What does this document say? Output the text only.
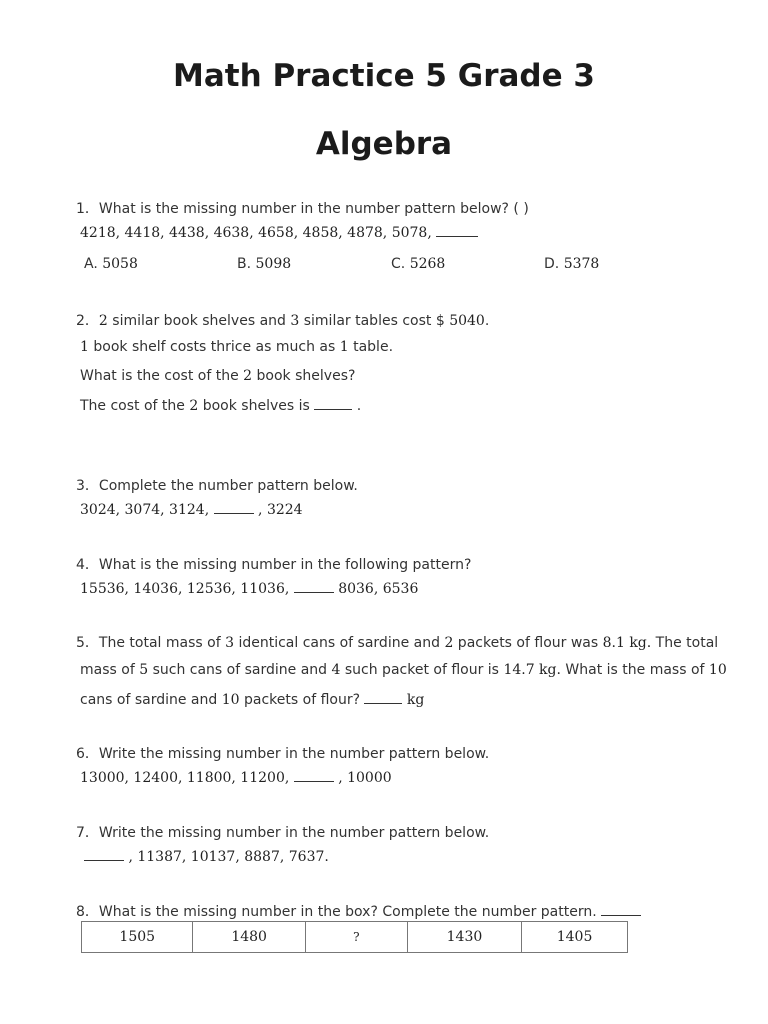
Math Practice 5 Grade 3
Algebra
1．What is the missing number in the number pattern below? ( )
4218, 4418, 4438, 4638, 4658, 4858, 4878, 5078,
A. 5058	B. 5098	C. 5268	D. 5378
2．2 similar book shelves and 3 similar tables cost $ 5040.
1 book shelf costs thrice as much as 1 table.
What is the cost of the 2 book shelves?
The cost of the 2 book shelves is	.
3．Complete the number pattern below.
3024, 3074, 3124,	, 3224
4．What is the missing number in the following pattern?
15536, 14036, 12536, 11036,	8036, 6536
5．The total mass of 3 identical cans of sardine and 2 packets of flour was 8.1 kg. The total
mass of 5 such cans of sardine and 4 such packet of flour is 14.7 kg. What is the mass of 10
cans of sardine and 10 packets of flour?	kg
6．Write the missing number in the number pattern below.
13000, 12400, 11800, 11200,	, 10000
7．Write the missing number in the number pattern below.
, 11387, 10137, 8887, 7637.
8．What is the missing number in the box? Complete the number pattern.
1505	1480	?	1430	1405
